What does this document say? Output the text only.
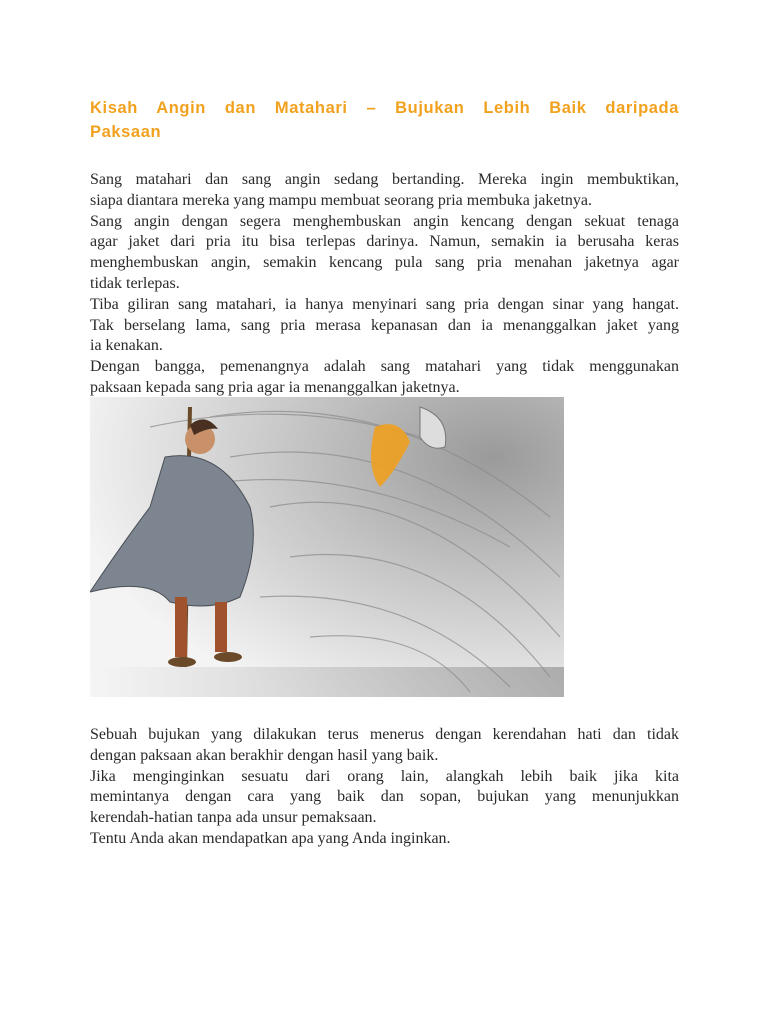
Kisah Angin dan Matahari – Bujukan Lebih Baik daripada
Paksaan
Sang matahari dan sang angin sedang bertanding. Mereka ingin membuktikan,
siapa diantara mereka yang mampu membuat seorang pria membuka jaketnya.
Sang angin dengan segera menghembuskan angin kencang dengan sekuat tenaga
agar jaket dari pria itu bisa terlepas darinya. Namun, semakin ia berusaha keras
menghembuskan angin, semakin kencang pula sang pria menahan jaketnya agar
tidak terlepas.
Tiba giliran sang matahari, ia hanya menyinari sang pria dengan sinar yang hangat.
Tak berselang lama, sang pria merasa kepanasan dan ia menanggalkan jaket yang
ia kenakan.
Dengan bangga, pemenangnya adalah sang matahari yang tidak menggunakan
paksaan kepada sang pria agar ia menanggalkan jaketnya.
Sebuah bujukan yang dilakukan terus menerus dengan kerendahan hati dan tidak
dengan paksaan akan berakhir dengan hasil yang baik.
Jika menginginkan sesuatu dari orang lain, alangkah lebih baik jika kita
memintanya dengan cara yang baik dan sopan, bujukan yang menunjukkan
kerendah-hatian tanpa ada unsur pemaksaan.
Tentu Anda akan mendapatkan apa yang Anda inginkan.
